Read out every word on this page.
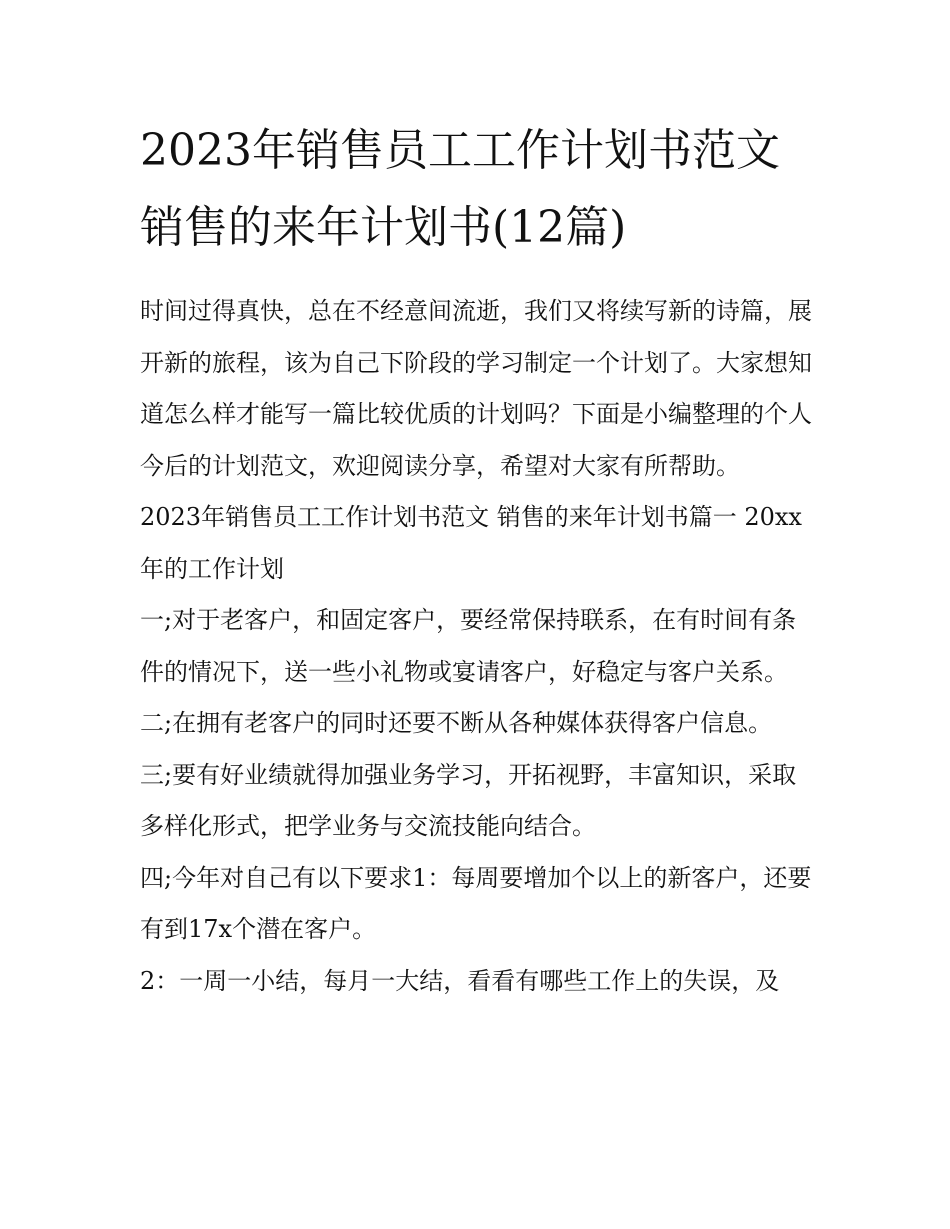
2023年销售员工工作计划书范文 销售的来年计划书(12篇)

时间过得真快，总在不经意间流逝，我们又将续写新的诗篇，展开新的旅程，该为自己下阶段的学习制定一个计划了。大家想知道怎么样才能写一篇比较优质的计划吗？下面是小编整理的个人今后的计划范文，欢迎阅读分享，希望对大家有所帮助。

2023年销售员工工作计划书范文 销售的来年计划书篇一 20xx年的工作计划

一;对于老客户，和固定客户，要经常保持联系，在有时间有条件的情况下，送一些小礼物或宴请客户，好稳定与客户关系。

二;在拥有老客户的同时还要不断从各种媒体获得客户信息。

三;要有好业绩就得加强业务学习，开拓视野，丰富知识，采取多样化形式，把学业务与交流技能向结合。

四;今年对自己有以下要求1：每周要增加个以上的新客户，还要有到17x个潜在客户。

2：一周一小结，每月一大结，看看有哪些工作上的失误，及
